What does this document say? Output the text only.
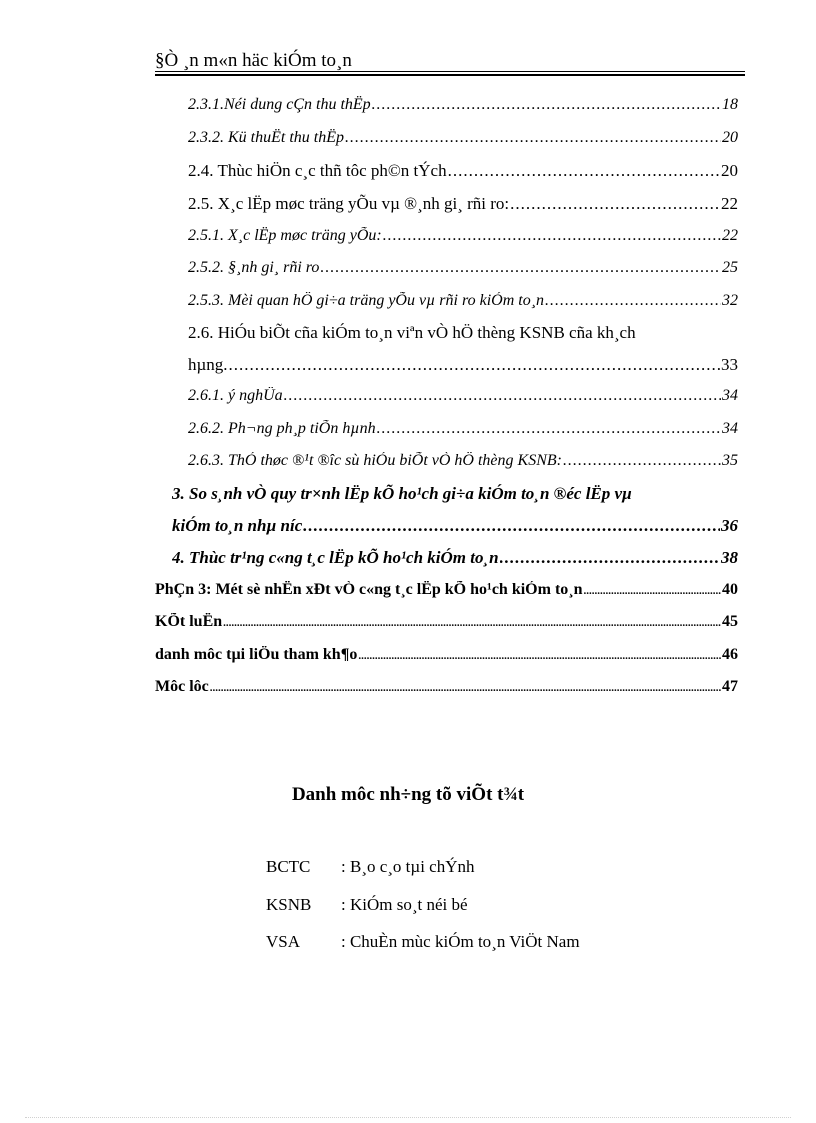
§Ò ¸n m«n häc kiÓm to¸n
2.3.1.Néi dung cÇn thu thËp .....	18
2.3.2. Kü thuËt thu thËp .....	20
2.4. Thùc hiÖn c¸c thñ tôc ph©n tÝch .....	20
2.5. X¸c lËp møc träng yÕu vµ ®¸nh gi¸ rñi ro: .....	22
2.5.1. X¸c lËp møc träng yÕu: .....	22
2.5.2. §¸nh gi¸ rñi ro .....	25
2.5.3. Mèi quan hÖ gi÷a träng yÕu vµ rñi ro kiÓm to¸n .....	32
2.6. HiÓu biÕt cña kiÓm to¸n viªn vÒ hÖ thèng KSNB cña kh¸ch
hµng. .....	33
2.6.1. ý nghÜa .....	34
2.6.2. Ph¬ng ph¸p tiÕn hµnh .....	34
2.6.3. ThÓ thøc ®¹t ®îc sù hiÓu biÕt vÒ hÖ thèng KSNB: .....	35
3. So s¸nh vÒ quy tr×nh lËp kÕ ho¹ch gi÷a kiÓm to¸n ®éc lËp vµ
kiÓm to¸n nhµ níc .....	36
4. Thùc tr¹ng c«ng t¸c lËp kÕ ho¹ch kiÓm to¸n .....	38
PhÇn 3: Mét sè nhËn xÐt vÒ c«ng t¸c lËp kÕ ho¹ch kiÓm to¸n .....	40
KÕt luËn .....	45
danh môc tµi liÖu tham kh¶o .....	46
Môc lôc .....	47
Danh môc nh÷ng tõ viÕt t¾t
BCTC : B¸o c¸o tµi chÝnh
KSNB : KiÓm so¸t néi bé
VSA : ChuÈn mùc kiÓm to¸n ViÖt Nam
